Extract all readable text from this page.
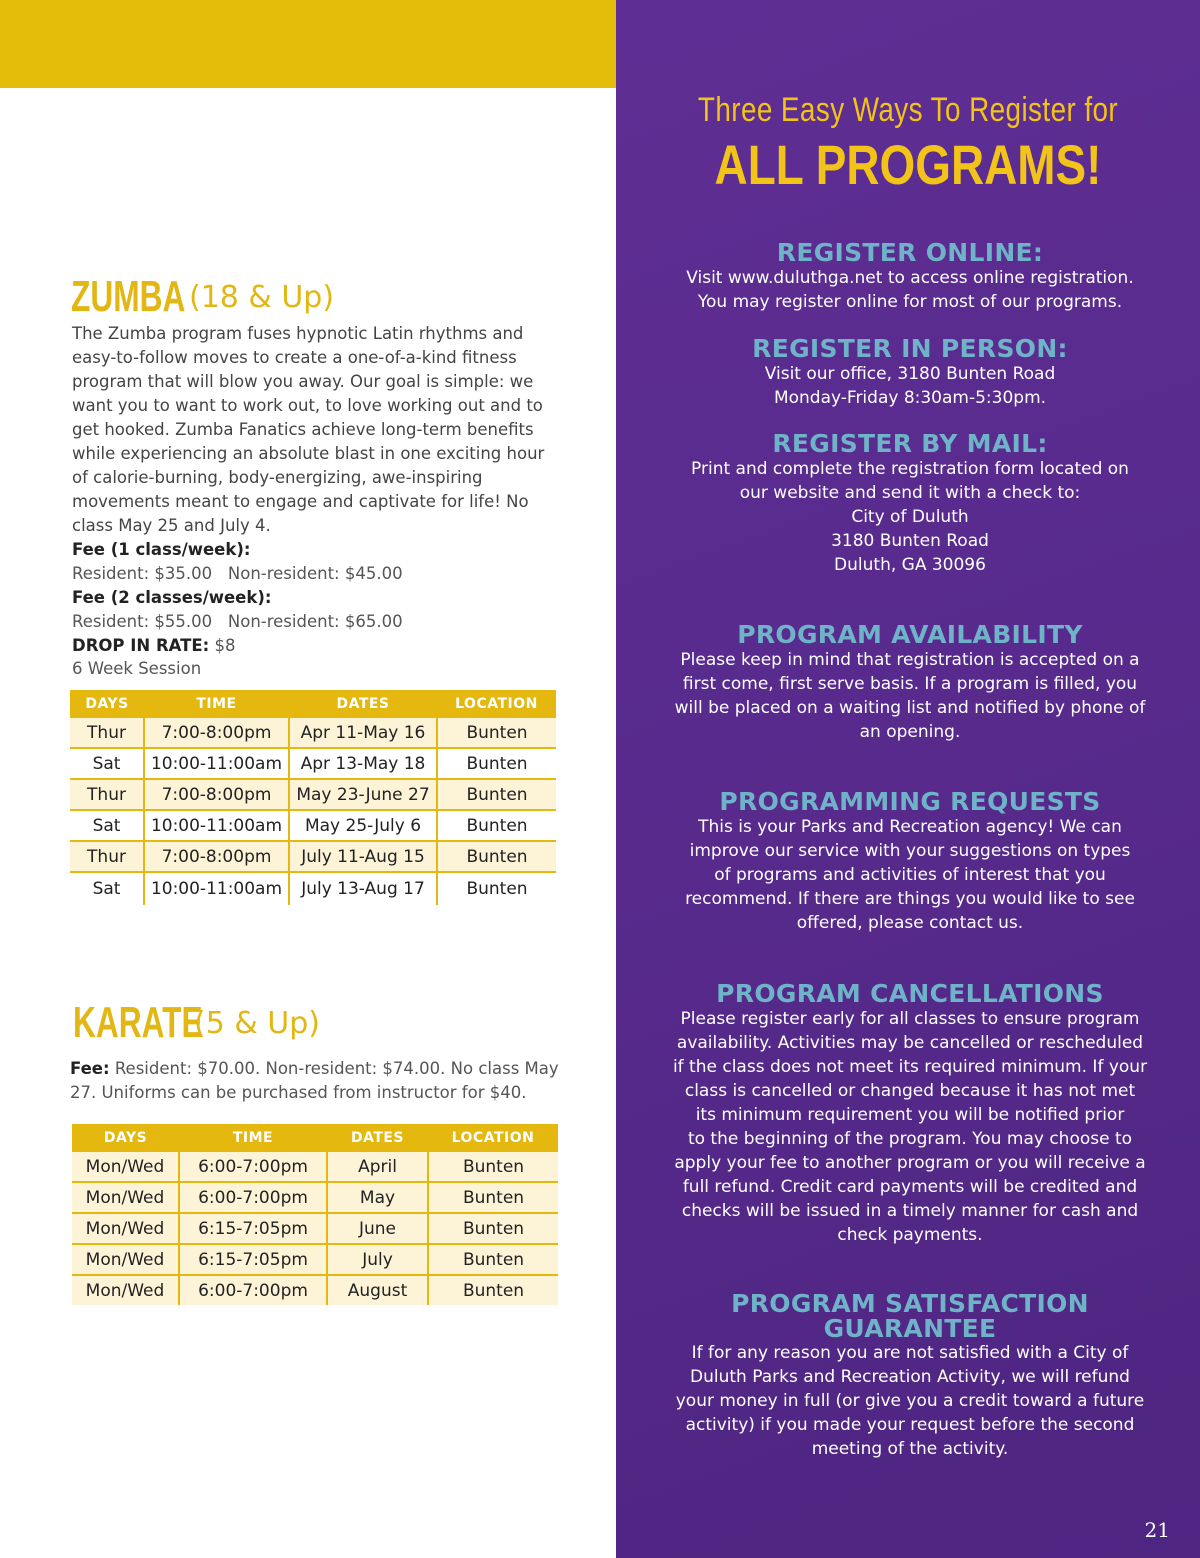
ZUMBA (18 & Up)

The Zumba program fuses hypnotic Latin rhythms and easy-to-follow moves to create a one-of-a-kind fitness program that will blow you away. Our goal is simple: we want you to want to work out, to love working out and to get hooked. Zumba Fanatics achieve long-term benefits while experiencing an absolute blast in one exciting hour of calorie-burning, body-energizing, awe-inspiring movements meant to engage and captivate for life! No class May 25 and July 4.

Fee (1 class/week):
Resident: $35.00   Non-resident: $45.00
Fee (2 classes/week):
Resident: $55.00   Non-resident: $65.00
DROP IN RATE: $8
6 Week Session
DAYS	TIME	DATES	LOCATION
Thur	7:00-8:00pm	Apr 11-May 16	Bunten
Sat	10:00-11:00am	Apr 13-May 18	Bunten
Thur	7:00-8:00pm	May 23-June 27	Bunten
Sat	10:00-11:00am	May 25-July 6	Bunten
Thur	7:00-8:00pm	July 11-Aug 15	Bunten
Sat	10:00-11:00am	July 13-Aug 17	Bunten
KARATE
(5 & Up)
Fee: Resident: $70.00. Non-resident: $74.00. No class May 27. Uniforms can be purchased from instructor for $40.
DAYS	TIME	DATES	LOCATION
Mon/Wed	6:00-7:00pm	April	Bunten
Mon/Wed	6:00-7:00pm	May	Bunten
Mon/Wed	6:15-7:05pm	June	Bunten
Mon/Wed	6:15-7:05pm	July	Bunten
Mon/Wed	6:00-7:00pm	August	Bunten
Three Easy Ways To Register for
ALL PROGRAMS!
REGISTER ONLINE:

Visit www.duluthga.net to access online registration.
You may register online for most of our programs.

REGISTER IN PERSON:

Visit our office, 3180 Bunten Road
Monday-Friday 8:30am-5:30pm.

REGISTER BY MAIL:

Print and complete the registration form located on
our website and send it with a check to:
City of Duluth
3180 Bunten Road
Duluth, GA 30096

PROGRAM AVAILABILITY

Please keep in mind that registration is accepted on a
first come, first serve basis. If a program is filled, you
will be placed on a waiting list and notified by phone of
an opening.

PROGRAMMING REQUESTS

This is your Parks and Recreation agency! We can
improve our service with your suggestions on types
of programs and activities of interest that you
recommend. If there are things you would like to see
offered, please contact us.

PROGRAM CANCELLATIONS

Please register early for all classes to ensure program
availability. Activities may be cancelled or rescheduled
if the class does not meet its required minimum. If your
class is cancelled or changed because it has not met
its minimum requirement you will be notified prior
to the beginning of the program. You may choose to
apply your fee to another program or you will receive a
full refund. Credit card payments will be credited and
checks will be issued in a timely manner for cash and
check payments.

PROGRAM SATISFACTION
GUARANTEE

If for any reason you are not satisfied with a City of
Duluth Parks and Recreation Activity, we will refund
your money in full (or give you a credit toward a future
activity) if you made your request before the second
meeting of the activity.

21
